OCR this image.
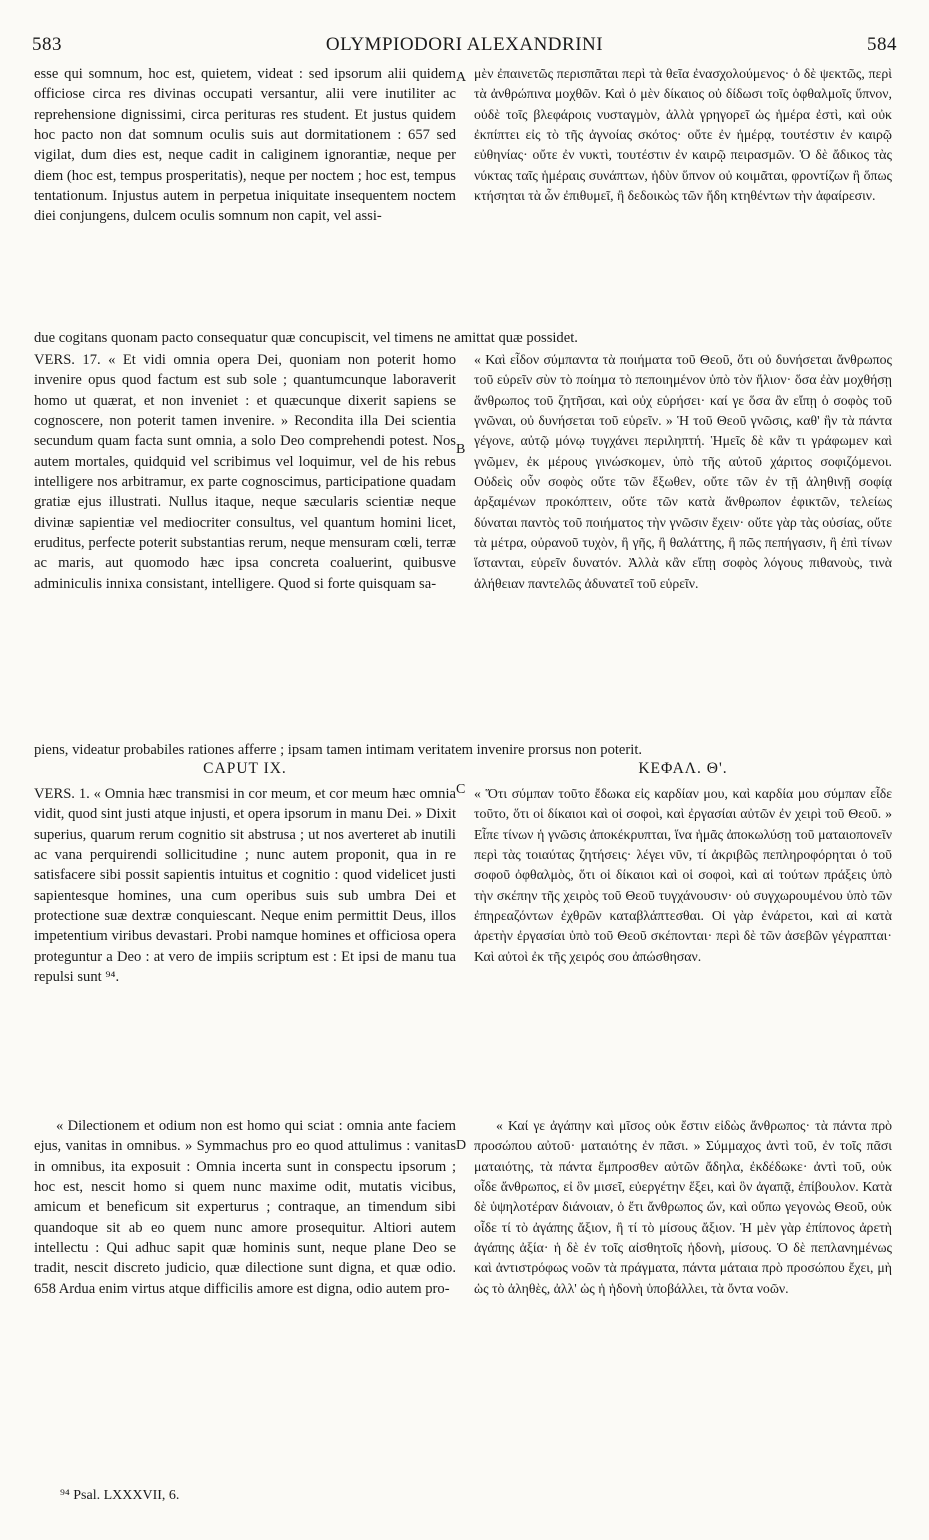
583	OLYMPIODORI ALEXANDRINI	584

esse qui somnum, hoc est, quietem, videat : sed ipsorum alii quidem officiose circa res divinas occupati versantur, alii vere inutiliter ac reprehensione dignissimi, circa perituras res student. Et justus quidem hoc pacto non dat somnum oculis suis aut dormitationem : 657 sed vigilat, dum dies est, neque cadit in caliginem ignorantiæ, neque per diem (hoc est, tempus prosperitatis), neque per noctem ; hoc est, tempus tentationum. Injustus autem in perpetua iniquitate insequentem noctem diei conjungens, dulcem oculis somnum non capit, vel assi-

A μὲν ἐπαινετῶς περισπᾶται περὶ τὰ θεῖα ἐνασχολούμενος· ὁ δὲ ψεκτῶς, περὶ τὰ ἀνθρώπινα μοχθῶν. Καὶ ὁ μὲν δίκαιος οὐ δίδωσι τοῖς ὀφθαλμοῖς ὕπνον, οὐδὲ τοῖς βλεφάροις νυσταγμὸν, ἀλλὰ γρηγορεῖ ὡς ἡμέρα ἐστὶ, καὶ οὐκ ἐκπίπτει εἰς τὸ τῆς ἀγνοίας σκότος· οὔτε ἐν ἡμέρᾳ, τουτέστιν ἐν καιρῷ εὐθηνίας· οὔτε ἐν νυκτὶ, τουτέστιν ἐν καιρῷ πειρασμῶν. Ὁ δὲ ἄδικος τὰς νύκτας ταῖς ἡμέραις συνάπτων, ἡδὺν ὕπνον οὐ κοιμᾶται, φροντίζων ἢ ὅπως κτήσηται τὰ ὧν ἐπιθυμεῖ, ἢ δεδοικὼς τῶν ἤδη κτηθέντων τὴν ἀφαίρεσιν.

due cogitans quonam pacto consequatur quæ concupiscit, vel timens ne amittat quæ possidet.

VERS. 17. « Et vidi omnia opera Dei, quoniam non poterit homo invenire opus quod factum est sub sole ; quantumcunque laboraverit homo ut quærat, et non inveniet : et quæcunque dixerit sapiens se cognoscere, non poterit tamen invenire. » Recondita illa Dei scientia secundum quam facta sunt omnia, a solo Deo comprehendi potest. Nos autem mortales, quidquid vel scribimus vel loquimur, vel de his rebus intelligere nos arbitramur, ex parte cognoscimus, participatione quadam gratiæ ejus illustrati. Nullus itaque, neque sæcularis scientiæ neque divinæ sapientiæ vel mediocriter consultus, vel quantum homini licet, eruditus, perfecte poterit substantias rerum, neque mensuram cœli, terræ ac maris, aut quomodo hæc ipsa concreta coaluerint, quibusve adminiculis innixa consistant, intelligere. Quod si forte quisquam sa-

B

« Καὶ εἶδον σύμπαντα τὰ ποιήματα τοῦ Θεοῦ, ὅτι οὐ δυνήσεται ἄνθρωπος τοῦ εὑρεῖν σὺν τὸ ποίημα τὸ πεποιημένον ὑπὸ τὸν ἥλιον· ὅσα ἐὰν μοχθήσῃ ἄνθρωπος τοῦ ζητῆσαι, καὶ οὐχ εὑρήσει· καί γε ὅσα ἂν εἴπῃ ὁ σοφὸς τοῦ γνῶναι, οὐ δυνήσεται τοῦ εὑρεῖν. » Ἡ τοῦ Θεοῦ γνῶσις, καθ' ἣν τὰ πάντα γέγονε, αὐτῷ μόνῳ τυγχάνει περιληπτή. Ἡμεῖς δὲ κἂν τι γράφωμεν καὶ γνῶμεν, ἐκ μέρους γινώσκομεν, ὑπὸ τῆς αὐτοῦ χάριτος σοφιζόμενοι. Οὐδεὶς οὖν σοφὸς οὔτε τῶν ἔξωθεν, οὔτε τῶν ἐν τῇ ἀληθινῇ σοφίᾳ ἀρξαμένων προκόπτειν, οὔτε τῶν κατὰ ἄνθρωπον ἐφικτῶν, τελείως δύναται παντὸς τοῦ ποιήματος τὴν γνῶσιν ἔχειν· οὔτε γὰρ τὰς οὐσίας, οὔτε τὰ μέτρα, οὐρανοῦ τυχὸν, ἢ γῆς, ἢ θαλάττης, ἢ πῶς πεπήγασιν, ἢ ἐπὶ τίνων ἵστανται, εὑρεῖν δυνατόν. Ἀλλὰ κἂν εἴπῃ σοφὸς λόγους πιθανοὺς, τινὰ ἀλήθειαν παντελῶς ἀδυνατεῖ τοῦ εὑρεῖν.

piens, videatur probabiles rationes afferre ; ipsam tamen intimam veritatem invenire prorsus non poterit.

CAPUT IX.
C
ΚΕΦΑΛ. Θ'.

VERS. 1. « Omnia hæc transmisi in cor meum, et cor meum hæc omnia vidit, quod sint justi atque injusti, et opera ipsorum in manu Dei. » Dixit superius, quarum rerum cognitio sit abstrusa ; ut nos averteret ab inutili ac vana perquirendi sollicitudine ; nunc autem proponit, qua in re satisfacere sibi possit sapientis intuitus et cognitio : quod videlicet justi sapientesque homines, una cum operibus suis sub umbra Dei et protectione suæ dextræ conquiescant. Neque enim permittit Deus, illos impetentium viribus devastari. Probi namque homines et officiosa opera proteguntur a Deo : at vero de impiis scriptum est : Et ipsi de manu tua repulsi sunt ⁹⁴.

« Dilectionem et odium non est homo qui sciat : omnia ante faciem ejus, vanitas in omnibus. » Symmachus pro eo quod attulimus : vanitas in omnibus, ita exposuit : Omnia incerta sunt in conspectu ipsorum ; hoc est, nescit homo si quem nunc maxime odit, mutatis vicibus, amicum et beneficum sit experturus ; contraque, an timendum sibi quandoque sit ab eo quem nunc amore prosequitur. Altiori autem intellectu : Qui adhuc sapit quæ hominis sunt, neque plane Deo se tradit, nescit discreto judicio, quæ dilectione sunt digna, et quæ odio. 658 Ardua enim virtus atque difficilis amore est digna, odio autem pro-

D

« Ὅτι σύμπαν τοῦτο ἔδωκα εἰς καρδίαν μου, καὶ καρδία μου σύμπαν εἶδε τοῦτο, ὅτι οἱ δίκαιοι καὶ οἱ σοφοὶ, καὶ ἐργασίαι αὐτῶν ἐν χειρὶ τοῦ Θεοῦ. » Εἶπε τίνων ἡ γνῶσις ἀποκέκρυπται, ἵνα ἡμᾶς ἀποκωλύσῃ τοῦ ματαιοπονεῖν περὶ τὰς τοιαύτας ζητήσεις· λέγει νῦν, τί ἀκριβῶς πεπληροφόρηται ὁ τοῦ σοφοῦ ὀφθαλμὸς, ὅτι οἱ δίκαιοι καὶ οἱ σοφοὶ, καὶ αἱ τούτων πράξεις ὑπὸ τὴν σκέπην τῆς χειρὸς τοῦ Θεοῦ τυγχάνουσιν· οὐ συγχωρουμένου ὑπὸ τῶν ἐπηρεαζόντων ἐχθρῶν καταβλάπτεσθαι. Οἱ γὰρ ἐνάρετοι, καὶ αἱ κατὰ ἀρετὴν ἐργασίαι ὑπὸ τοῦ Θεοῦ σκέπονται· περὶ δὲ τῶν ἀσεβῶν γέγραπται· Καὶ αὐτοὶ ἐκ τῆς χειρός σου ἀπώσθησαν.

« Καί γε ἀγάπην καὶ μῖσος οὐκ ἔστιν εἰδὼς ἄνθρωπος· τὰ πάντα πρὸ προσώπου αὐτοῦ· ματαιότης ἐν πᾶσι. » Σύμμαχος ἀντὶ τοῦ, ἐν τοῖς πᾶσι ματαιότης, τὰ πάντα ἔμπροσθεν αὐτῶν ἄδηλα, ἐκδέδωκε· ἀντὶ τοῦ, οὐκ οἶδε ἄνθρωπος, εἰ ὃν μισεῖ, εὐεργέτην ἕξει, καὶ ὃν ἀγαπᾷ, ἐπίβουλον. Κατὰ δὲ ὑψηλοτέραν διάνοιαν, ὁ ἔτι ἄνθρωπος ὤν, καὶ οὔπω γεγονὼς Θεοῦ, οὐκ οἶδε τί τὸ ἀγάπης ἄξιον, ἢ τί τὸ μίσους ἄξιον. Ἡ μὲν γὰρ ἐπίπονος ἀρετὴ ἀγάπης ἀξία· ἡ δὲ ἐν τοῖς αἰσθητοῖς ἡδονὴ, μίσους. Ὁ δὲ πεπλανημένως καὶ ἀντιστρόφως νοῶν τὰ πράγματα, πάντα μάταια πρὸ προσώπου ἔχει, μὴ ὡς τὸ ἀληθὲς, ἀλλ' ὡς ἡ ἡδονὴ ὑποβάλλει, τὰ ὄντα νοῶν.

⁹⁴ Psal. LXXXVII, 6.
